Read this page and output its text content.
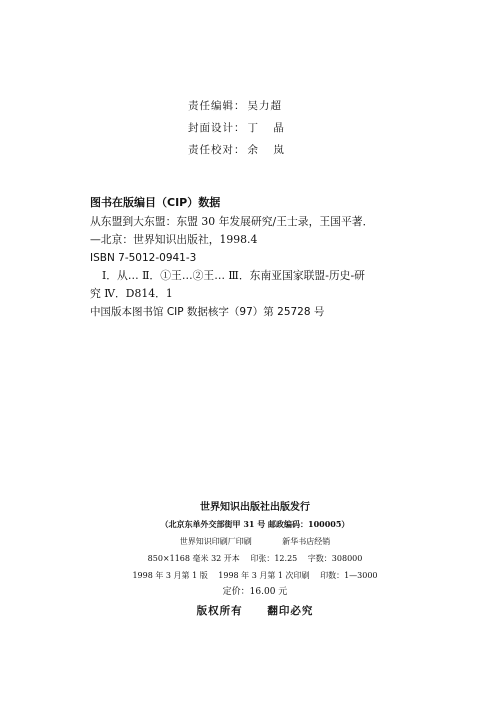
责任编辑： 吴力超
封面设计： 丁 晶
责任校对： 余 岚
图书在版编目（CIP）数据
从东盟到大东盟：东盟 30 年发展研究/王士录，王国平著．
—北京：世界知识出版社，1998.4
ISBN 7-5012-0941-3
Ⅰ．从… Ⅱ．①王…②王… Ⅲ．东南亚国家联盟-历史-研
究 Ⅳ．D814．1
中国版本图书馆 CIP 数据核字（97）第 25728 号
世界知识出版社出版发行
（北京东单外交部街甲 31 号 邮政编码：100005）
世界知识印刷厂印刷	新华书店经销
850×1168 毫米 32 开本 印张：12.25 字数：308000
1998 年 3 月第 1 版 1998 年 3 月第 1 次印刷 印数：1—3000
定价：16.00 元
版权所有 翻印必究
